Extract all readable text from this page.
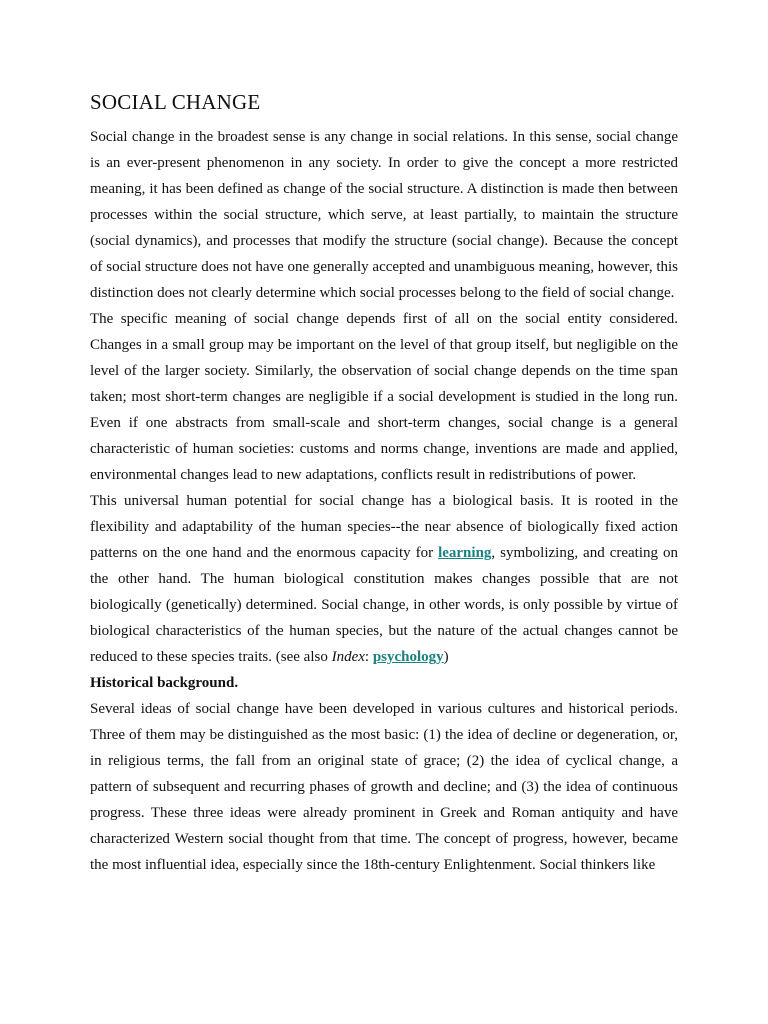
SOCIAL CHANGE

Social change in the broadest sense is any change in social relations. In this sense, social change is an ever-present phenomenon in any society. In order to give the concept a more restricted meaning, it has been defined as change of the social structure. A distinction is made then between processes within the social structure, which serve, at least partially, to maintain the structure (social dynamics), and processes that modify the structure (social change). Because the concept of social structure does not have one generally accepted and unambiguous meaning, however, this distinction does not clearly determine which social processes belong to the field of social change.

The specific meaning of social change depends first of all on the social entity considered. Changes in a small group may be important on the level of that group itself, but negligible on the level of the larger society. Similarly, the observation of social change depends on the time span taken; most short-term changes are negligible if a social development is studied in the long run. Even if one abstracts from small-scale and short-term changes, social change is a general characteristic of human societies: customs and norms change, inventions are made and applied, environmental changes lead to new adaptations, conflicts result in redistributions of power.

This universal human potential for social change has a biological basis. It is rooted in the flexibility and adaptability of the human species--the near absence of biologically fixed action patterns on the one hand and the enormous capacity for learning, symbolizing, and creating on the other hand. The human biological constitution makes changes possible that are not biologically (genetically) determined. Social change, in other words, is only possible by virtue of biological characteristics of the human species, but the nature of the actual changes cannot be reduced to these species traits. (see also Index: psychology)

Historical background.

Several ideas of social change have been developed in various cultures and historical periods. Three of them may be distinguished as the most basic: (1) the idea of decline or degeneration, or, in religious terms, the fall from an original state of grace; (2) the idea of cyclical change, a pattern of subsequent and recurring phases of growth and decline; and (3) the idea of continuous progress. These three ideas were already prominent in Greek and Roman antiquity and have characterized Western social thought from that time. The concept of progress, however, became the most influential idea, especially since the 18th-century Enlightenment. Social thinkers like
